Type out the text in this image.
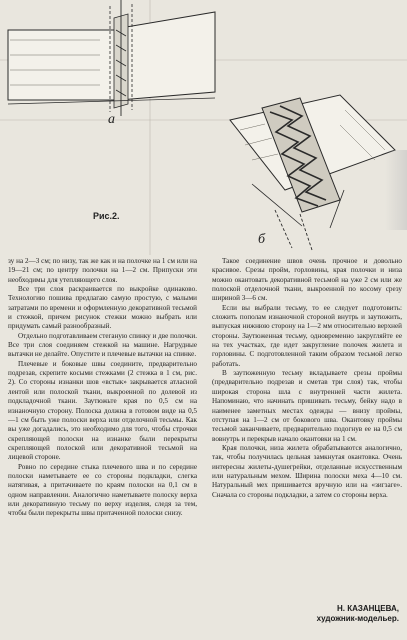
а
б
Рис.2.

зу на 2—3 см; по низу, так же как и на полочке на 1 см или на 19—21 см; по центру полочки на 1—2 см. Припуски эти необходимы для утепляющего слоя.

Все три слоя раскраивается по выкройке одинаково. Технологию пошива предлагаю самую простую, с малыми затратами по времени и оформленную декоративной тесьмой и стежкой, причем рисунок стежки можно выбрать или придумать самый разнообразный.

Отдельно подготавливаем стеганую спинку и две полочки. Все три слоя соединяем стежкой на машине. Нагрудные вытачки не делайте. Опустите и плечевые вытачки на спинке.

Плечевые и боковые швы соедините, предварительно подрезав, скрепите косыми стежками (2 стежка в 1 см, рис. 2). Со стороны изнанки шов «встык» закрывается атласной лентой или полоской ткани, выкроенной по долевой из подкладочной ткани. Заутюжьте края по 0,5 см на изнаночную сторону. Полоска должна в готовом виде на 0,5—1 см быть уже полоски верха или отделочной тесьмы. Как вы уже догадались, это необходимо для того, чтобы строчки скрепляющей полоски на изнанке были перекрыты скрепляющей полоской или декоративной тесьмой на лицевой стороне.

Ровно по середине стыка плечевого шва и по середине полоски наметываете ее со стороны подкладки, слегка натягивая, а притачиваете по краям полоски на 0,1 см в одном направлении. Аналогично наметываете полоску верха или декоративную тесьму по верху изделия, следя за тем, чтобы были перекрыты швы притаченной полоски снизу.

Такое соединение швов очень прочное и довольно красивое. Срезы пройм, горловины, края полочки и низа можно окантовать декоративной тесьмой на уже 2 см или же полоской отделочной ткани, выкроенной по косому срезу шириной 3—6 см.

Если вы выбрали тесьму, то ее следует подготовить: сложить пополам изнаночной стороной внутрь и заутюжить, выпуская нижнюю сторону на 1—2 мм относительно верхней стороны. Заутюженная тесьму, одновременно закругляйте ее на тех участках, где идет закругление полочек жилета и горловины. С подготовленной таким образом тесьмой легко работать.

В заутюженную тесьму вкладываете срезы проймы (предварительно подрезав и сметав три слоя) так, чтобы широкая сторона шла с внутренней части жилета. Напоминаю, что начинать пришивать тесьму, бейку надо в наименее заметных местах одежды — внизу проймы, отступая на 1—2 см от бокового шва. Окантовку проймы тесьмой заканчиваете, предварительно подогнув ее на 0,5 см вовнутрь и перекрыв начало окантовки на 1 см.

Края полочки, низа жилета обрабатываются аналогично, так, чтобы получилась цельная замкнутая окантовка. Очень интересны жилеты-душегрейки, отделанные искусственным или натуральным мехом. Ширина полоски меха 4—10 см. Натуральный мех пришивается вручную или на «зигзаге». Сначала со стороны подкладки, а затем со стороны верха.

Н. КАЗАНЦЕВА,
художник-модельер.
